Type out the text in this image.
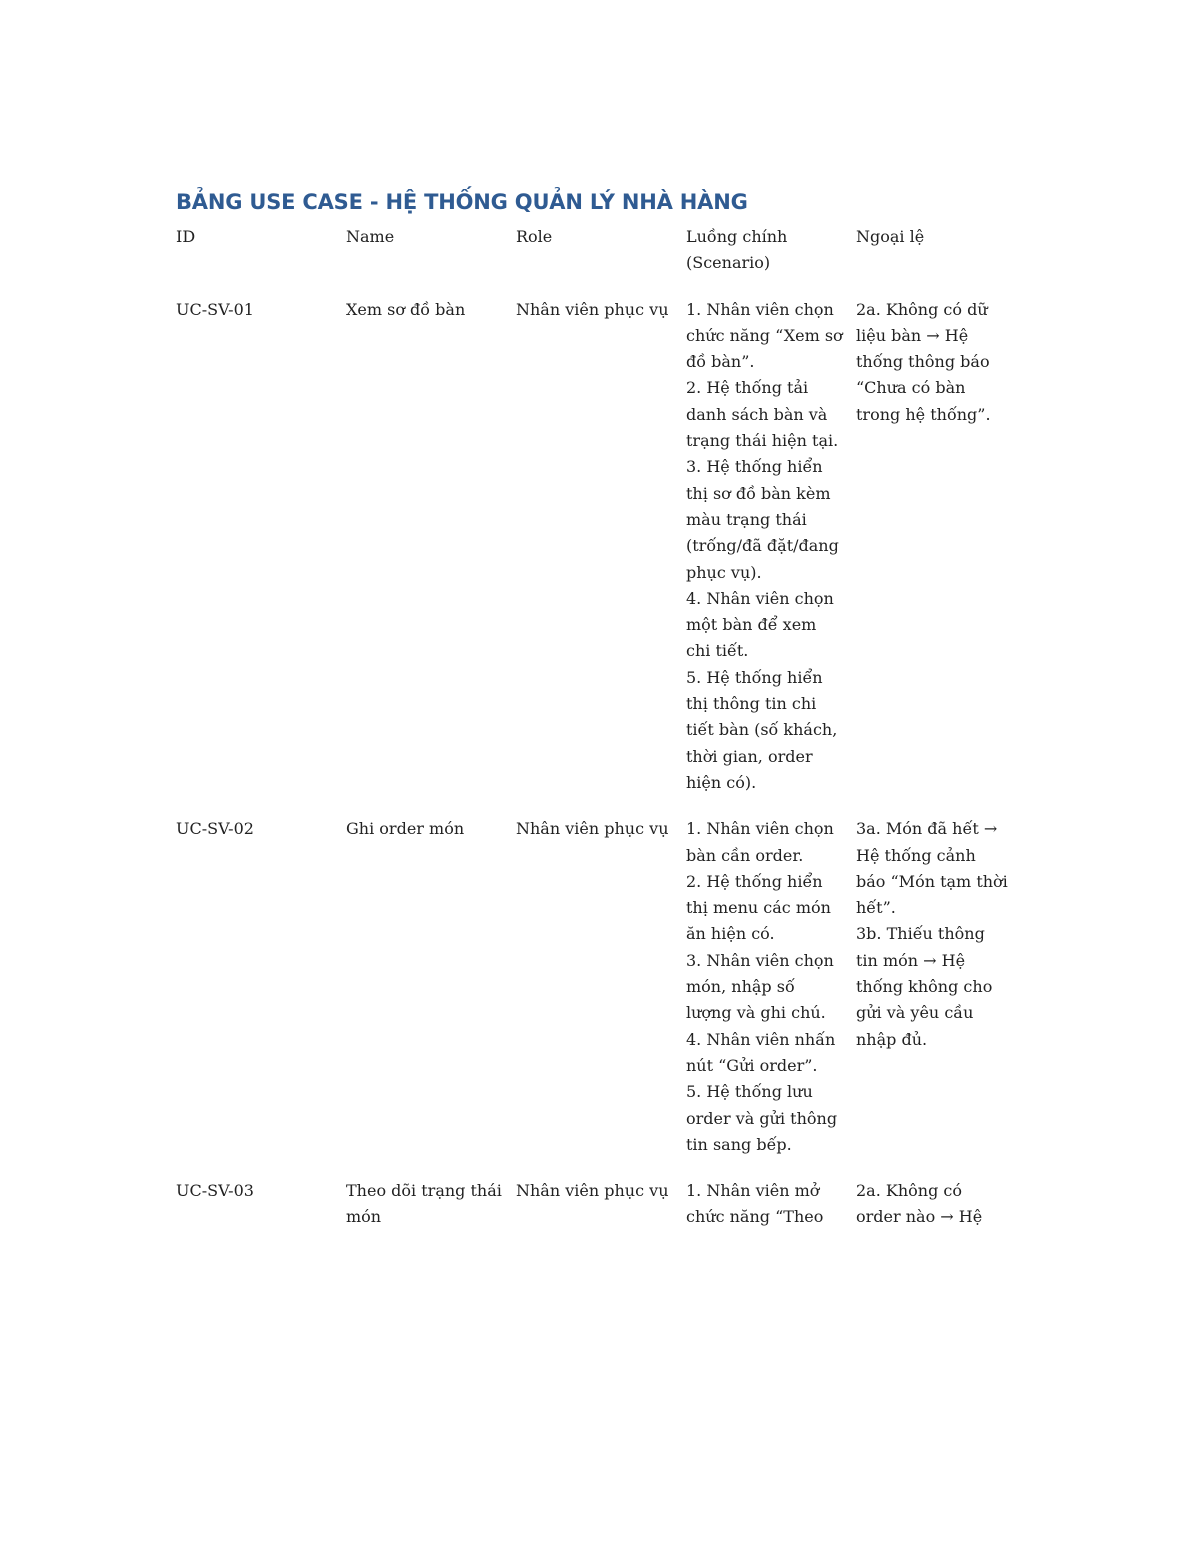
BẢNG USE CASE - HỆ THỐNG QUẢN LÝ NHÀ HÀNG
ID	Name	Role	Luồng chính (Scenario)	Ngoại lệ
UC-SV-01	Xem sơ đồ bàn	Nhân viên phục vụ	1. Nhân viên chọn chức năng “Xem sơ đồ bàn”.
2. Hệ thống tải danh sách bàn và trạng thái hiện tại.
3. Hệ thống hiển thị sơ đồ bàn kèm màu trạng thái (trống/đã đặt/đang phục vụ).
4. Nhân viên chọn một bàn để xem chi tiết.
5. Hệ thống hiển thị thông tin chi tiết bàn (số khách, thời gian, order hiện có).	2a. Không có dữ liệu bàn → Hệ thống thông báo “Chưa có bàn trong hệ thống”.

UC-SV-02	Ghi order món	Nhân viên phục vụ	1. Nhân viên chọn bàn cần order.
2. Hệ thống hiển thị menu các món ăn hiện có.
3. Nhân viên chọn món, nhập số lượng và ghi chú.
4. Nhân viên nhấn nút “Gửi order”.
5. Hệ thống lưu order và gửi thông tin sang bếp.	3a. Món đã hết → Hệ thống cảnh báo “Món tạm thời hết”.
3b. Thiếu thông tin món → Hệ thống không cho gửi và yêu cầu nhập đủ.

UC-SV-03	Theo dõi trạng thái món	Nhân viên phục vụ	1. Nhân viên mở chức năng “Theo	2a. Không có order nào → Hệ
